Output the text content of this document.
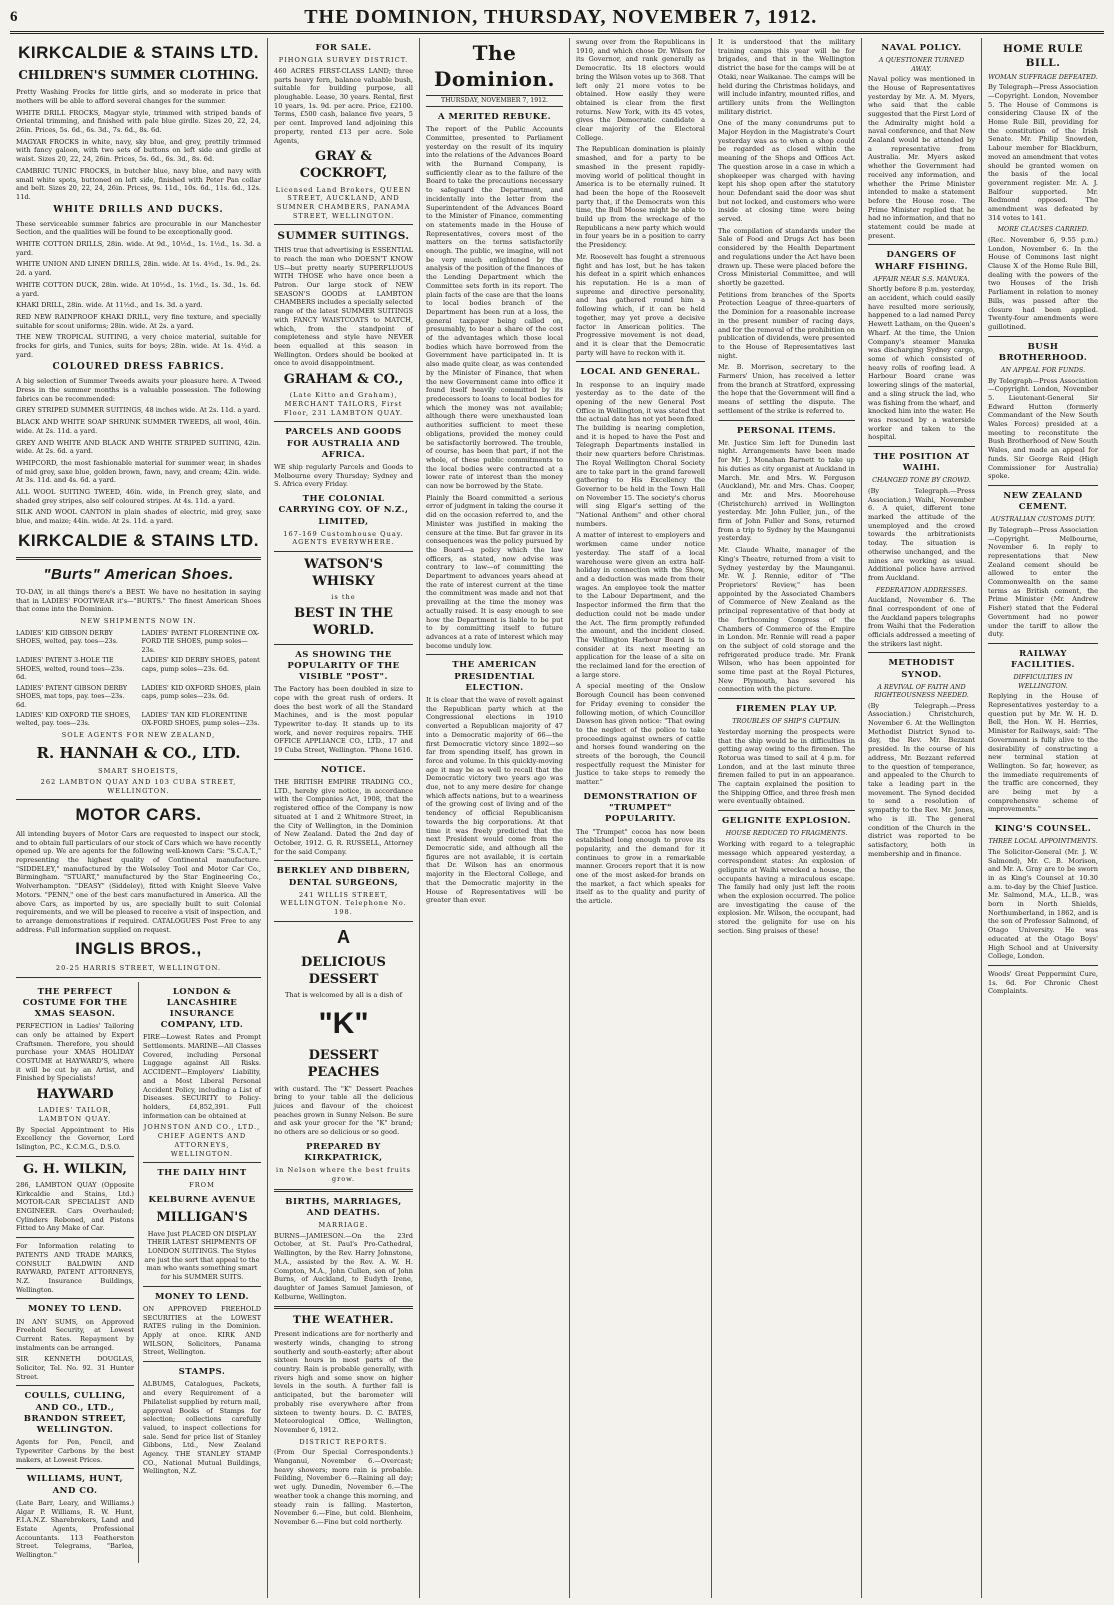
6	THE DOMINION, THURSDAY, NOVEMBER 7, 1912.
KIRKCALDIE & STAINS LTD.
CHILDREN'S SUMMER CLOTHING.

Pretty Washing Frocks for little girls, and so moderate in price that mothers will be able to afford several changes for the summer.

WHITE DRILL FROCKS, Magyar style, trimmed with striped bands of Oriental trimming, and finished with pale blue girdle. Sizes 20, 22, 24, 26in. Prices, 5s. 6d., 6s. 3d., 7s. 6d., 8s. 6d.

MAGYAR FROCKS in white, navy, sky blue, and grey, prettily trimmed with fancy galoon, with two sets of buttons on left side and girdle at waist. Sizes 20, 22, 24, 26in. Prices, 5s. 6d., 6s. 3d., 8s. 6d.

CAMBRIC TUNIC FROCKS, in butcher blue, navy blue, and navy with small white spots, buttoned on left side, finished with Peter Pan collar and belt. Sizes 20, 22, 24, 26in. Prices, 9s. 11d., 10s. 6d., 11s. 6d., 12s. 11d.

WHITE DRILLS AND DUCKS.

These serviceable summer fabrics are procurable in our Manchester Section, and the qualities will be found to be exceptionally good.

WHITE COTTON DRILLS, 28in. wide. At 9d., 10½d., 1s. 1½d., 1s. 3d. a yard.

WHITE UNION AND LINEN DRILLS, 28in. wide. At 1s. 4½d., 1s. 9d., 2s. 2d. a yard.

WHITE COTTON DUCK, 28in. wide. At 10½d., 1s. 1½d., 1s. 3d., 1s. 6d. a yard.

KHAKI DRILL, 28in. wide. At 11½d., and 1s. 3d. a yard.

RED NEW RAINPROOF KHAKI DRILL, very fine texture, and specially suitable for scout uniforms; 28in. wide. At 2s. a yard.

THE NEW TROPICAL SUITING, a very choice material, suitable for frocks for girls, and Tunics, suits for boys; 28in. wide. At 1s. 4½d. a yard.

COLOURED DRESS FABRICS.

A big selection of Summer Tweeds awaits your pleasure here. A Tweed Dress in the summer months is a valuable possession. The following fabrics can be recommended:

GREY STRIPED SUMMER SUITINGS, 48 inches wide. At 2s. 11d. a yard.

BLACK AND WHITE SOAP SHRUNK SUMMER TWEEDS, all wool, 46in. wide. At 2s. 11d. a yard.

GREY AND WHITE AND BLACK AND WHITE STRIPED SUITING, 42in. wide. At 2s. 6d. a yard.

WHIPCORD, the most fashionable material for summer wear, in shades of mid grey, saxe blue, golden brown, fawn, navy, and cream; 42in. wide. At 3s. 11d. and 4s. 6d. a yard.

ALL WOOL SUITING TWEED, 46in. wide, in French grey, slate, and shaded grey stripes, also self coloured stripes. At 4s. 11d. a yard.

SILK AND WOOL CANTON in plain shades of electric, mid grey, saxe blue, and maize; 44in. wide. At 2s. 11d. a yard.

KIRKCALDIE & STAINS LTD.
"Burts" American Shoes.

TO-DAY, in all things there's a BEST. We have no hesitation in saying that in LADIES' FOOTWEAR it's—"BURTS." The finest American Shoes that come into the Dominion.

NEW SHIPMENTS NOW IN.
LADIES' KID GIBSON DERBY SHOES, welted, pay. toes—23s.
LADIES' PATENT FLORENTINE OX-FORD TIE SHOES, pump soles—23s.
LADIES' PATENT 3-HOLE TIE SHOES, welted, round toes—23s. 6d.
LADIES' KID DERBY SHOES, patent caps, pump soles—23s. 6d.
LADIES' PATENT GIBSON DERBY SHOES, mat tops, pay. toes—23s. 6d.
LADIES' KID OXFORD SHOES, plain caps, pump soles—23s. 6d.
LADIES' KID OXFORD TIE SHOES, welted, pay. toes—23s.
LADIES' TAN KID FLORENTINE OX-FORD SHOES, pump soles—23s.
SOLE AGENTS FOR NEW ZEALAND,
R. HANNAH & CO., LTD.
SMART SHOEISTS,
262 LAMBTON QUAY AND 103 CUBA STREET, WELLINGTON.
MOTOR CARS.

All intending buyers of Motor Cars are requested to inspect our stock, and to obtain full particulars of our stock of Cars which we have recently opened up. We are agents for the following well-known Cars: "S.C.A.T.," representing the highest quality of Continental manufacture. "SIDDELEY," manufactured by the Wolseley Tool and Motor Car Co., Birmingham. "STUART," manufactured by the Star Engineering Co., Wolverhampton. "DEASY" (Siddeley), fitted with Knight Sleeve Valve Motors. "PENN," one of the best cars manufactured in America. All the above Cars, as imported by us, are specially built to suit Colonial requirements, and we will be pleased to receive a visit of inspection, and to arrange demonstrations if required. CATALOGUES Post Free to any address. Full information supplied on request.

INGLIS BROS.,
20-25 HARRIS STREET, WELLINGTON.
THE PERFECT COSTUME FOR THE XMAS SEASON.

PERFECTION in Ladies' Tailoring can only be attained by Expert Craftsmen. Therefore, you should purchase your XMAS HOLIDAY COSTUME at HAYWARD'S, where it will be cut by an Artist, and Finished by Specialists!

HAYWARD
LADIES' TAILOR, LAMBTON QUAY.

By Special Appointment to His Excellency the Governor, Lord Islington, P.C., K.C.M.G., D.S.O.

G. H. WILKIN,

286, LAMBTON QUAY (Opposite Kirkcaldie and Stains, Ltd.) MOTOR-CAR SPECIALIST AND ENGINEER. Cars Overhauled; Cylinders Reboned, and Pistons Fitted to Any Make of Car.

For Information relating to PATENTS AND TRADE MARKS, CONSULT BALDWIN AND RAYWARD, PATENT ATTORNEYS, N.Z. Insurance Buildings, Wellington.

MONEY TO LEND.

IN ANY SUMS, on Approved Freehold Security, at Lowest Current Rates. Repayment by instalments can be arranged.

SIR KENNETH DOUGLAS, Solicitor, Tel. No. 92. 31 Hunter Street.

COULLS, CULLING, AND CO., LTD., BRANDON STREET, WELLINGTON.

Agents for Pen, Pencil, and Typewriter Carbons by the best makers, at Lowest Prices.

WILLIAMS, HUNT, AND CO.

(Late Barr, Leary, and Williams.) Algar P. Williams, R. W. Hunt, F.I.A.N.Z. Sharebrokers, Land and Estate Agents, Professional Accountants. 113 Featherston Street. Telegrams, "Barlea, Wellington."

LONDON & LANCASHIRE INSURANCE COMPANY, LTD.

FIRE—Lowest Rates and Prompt Settlements. MARINE—All Classes Covered, including Personal Luggage against All Risks. ACCIDENT—Employers' Liability, and a Most Liberal Personal Accident Policy, including a List of Diseases. SECURITY to Policy-holders, £4,852,391. Full information can be obtained at

JOHNSTON AND CO., LTD., CHIEF AGENTS AND ATTORNEYS, WELLINGTON.
THE DAILY HINT
FROM
KELBURNE AVENUE
MILLIGAN'S

Have Just PLACED ON DISPLAY THEIR LATEST SHIPMENTS OF LONDON SUITINGS. The Styles are just the sort that appeal to the man who wants something smart for his SUMMER SUITS.

MONEY TO LEND.

ON APPROVED FREEHOLD SECURITIES at the LOWEST RATES ruling in the Dominion. Apply at once. KIRK AND WILSON, Solicitors, Panama Street, Wellington.

STAMPS.

ALBUMS, Catalogues, Packets, and every Requirement of a Philatelist supplied by return mail, approval Books of Stamps for selection; collections carefully valued, to inspect collections for sale. Send for price list of Stanley Gibbons, Ltd., New Zealand Agency. THE STANLEY STAMP CO., National Mutual Buildings, Wellington, N.Z.

FOR SALE.
PIHONGIA SURVEY DISTRICT.

460 ACRES FIRST-CLASS LAND; three parts heavy fern, balance valuable bush, suitable for building purpose, all ploughable. Lease, 30 years. Rental, first 10 years, 1s. 9d. per acre. Price, £2100. Terms, £500 cash, balance five years, 5 per cent. Improved land adjoining this property, rented £13 per acre. Sole Agents,

GRAY & COCKROFT,
Licensed Land Brokers, QUEEN STREET, AUCKLAND, AND SUMNER CHAMBERS, PANAMA STREET, WELLINGTON.
SUMMER SUITINGS.

THIS true that advertising is ESSENTIAL to reach the man who DOESN'T KNOW US—but pretty nearly SUPERFLUOUS WITH THOSE who have once been a Patron. Our large stock of NEW SEASON'S GOODS at LAMBTON CHAMBERS includes a specially selected range of the latest SUMMER SUITINGS with FANCY WAISTCOATS to MATCH, which, from the standpoint of completeness and style have NEVER been equalled at this season in Wellington. Orders should be booked at once to avoid disappointment.

GRAHAM & CO.,
(Late Kitto and Graham), MERCHANT TAILORS, First Floor, 231 LAMBTON QUAY.
PARCELS AND GOODS FOR AUSTRALIA AND AFRICA.

WE ship regularly Parcels and Goods to Melbourne every Thursday; Sydney and S. Africa every Friday.

THE COLONIAL CARRYING COY. OF N.Z., LIMITED,
167-169 Customhouse Quay. AGENTS EVERYWHERE.
WATSON'S WHISKY
is the
BEST IN THE WORLD.
AS SHOWING THE POPULARITY OF THE VISIBLE "POST".

The Factory has been doubled in size to cope with the great rush of orders. It does the best work of all the Standard Machines, and is the most popular Typewriter to-day. It stands up to its work, and never requires repairs. THE OFFICE APPLIANCE CO., LTD., 17 and 19 Cuba Street, Wellington. 'Phone 1616.

NOTICE.

THE BRITISH EMPIRE TRADING CO., LTD., hereby give notice, in accordance with the Companies Act, 1908, that the registered office of the Company is now situated at 1 and 2 Whitmore Street, in the City of Wellington, in the Dominion of New Zealand. Dated the 2nd day of October, 1912. G. R. RUSSELL, Attorney for the said Company.

BERKLEY AND DIBBERN, DENTAL SURGEONS,
241 WILLIS STREET, WELLINGTON. Telephone No. 198.
A
DELICIOUS DESSERT

That is welcomed by all is a dish of

"K"
DESSERT PEACHES

with custard. The "K" Dessert Peaches bring to your table all the delicious juices and flavour of the choicest peaches grown in Sunny Nelson. Be sure and ask your grocer for the "K" brand; no others are so delicious or so good.

PREPARED BY KIRKPATRICK,
in Nelson where the best fruits grow.
BIRTHS, MARRIAGES, AND DEATHS.
MARRIAGE.

BURNS—JAMIESON.—On the 23rd October, at St. Paul's Pro-Cathedral, Wellington, by the Rev. Harry Johnstone, M.A., assisted by the Rev. A. W. H. Compton, M.A., John Cullen, son of John Burns, of Auckland, to Eudyth Irene, daughter of James Samuel Jamieson, of Kelburne, Wellington.

THE WEATHER.

Present indications are for northerly and westerly winds, changing to strong southerly and south-easterly; after about sixteen hours in most parts of the country. Rain is probable generally, with rivers high and some snow on higher levels in the south. A further fall is anticipated, but the barometer will probably rise everywhere after from sixteen to twenty hours. D. C. BATES, Meteorological Office, Wellington, November 6, 1912.

DISTRICT REPORTS.

(From Our Special Correspondents.) Wanganui, November 6.—Overcast; heavy showers; more rain is probable. Feilding, November 6.—Raining all day; wet ugly. Dunedin, November 6.—The weather took a change this morning, and steady rain is falling. Masterton, November 6.—Fine, but cold. Blenheim, November 6.—Fine but cold northerly.

The Dominion.
THURSDAY, NOVEMBER 7, 1912.
A MERITED REBUKE.

The report of the Public Accounts Committee, presented to Parliament yesterday on the result of its inquiry into the relations of the Advances Board with the Burnand Company, is sufficiently clear as to the failure of the Board to take the precautions necessary to safeguard the Department, and incidentally into the letter from the Superintendent of the Advances Board to the Minister of Finance, commenting on statements made in the House of Representatives, covers most of the matters on the terms satisfactorily enough. The public, we imagine, will not be very much enlightened by the analysis of the position of the finances of the Lending Department which the Committee sets forth in its report. The plain facts of the case are that the loans to local bodies branch of the Department has been run at a loss, the general taxpayer being called on, presumably, to bear a share of the cost of the advantages which those local bodies which have borrowed from the Government have participated in. It is also made quite clear, as was contended by the Minister of Finance, that when the new Government came into office it found itself heavily committed by its predecessors to loans to local bodies for which the money was not available; although there were unexhausted loan authorities sufficient to meet these obligations, provided the money could be satisfactorily borrowed. The trouble, of course, has been that part, if not the whole, of these public commitments to the local bodies were contracted at a lower rate of interest than the money can now be borrowed by the State.

Plainly the Board committed a serious error of judgment in taking the course it did on the occasion referred to, and the Minister was justified in making the censure at the time. But far graver in its consequences was the policy pursued by the Board—a policy which the law officers, as stated, now advise was contrary to law—of committing the Department to advances years ahead at the rate of interest current at the time the commitment was made and not that prevailing at the time the money was actually raised. It is easy enough to see how the Department is liable to be put to by committing itself to future advances at a rate of interest which may become unduly low.

THE AMERICAN PRESIDENTIAL ELECTION.

It is clear that the wave of revolt against the Republican party which at the Congressional elections in 1910 converted a Republican majority of 47 into a Democratic majority of 66—the first Democratic victory since 1892—so far from spending itself, has grown in force and volume. In this quickly-moving age it may be as well to recall that the Democratic victory two years ago was due, not to any mere desire for change which affects nations, but to a weariness of the growing cost of living and of the tendency of official Republicanism towards the big corporations. At that time it was freely predicted that the next President would come from the Democratic side, and although all the figures are not available, it is certain that Dr. Wilson has an enormous majority in the Electoral College, and that the Democratic majority in the House of Representatives will be greater than ever.

swung over from the Republicans in 1910, and which chose Dr. Wilson for its Governor, and rank generally as Democratic. Its 18 electors would bring the Wilson votes up to 368. That left only 21 more votes to be obtained. How easily they were obtained is clear from the first returns. New York, with its 45 votes, gives the Democratic candidate a clear majority of the Electoral College.

The Republican domination is plainly smashed, and for a party to be smashed in the present rapidly-moving world of political thought in America is to be eternally ruined. It had been the hope of the Roosevelt party that, if the Democrats won this time, the Bull Moose might be able to build up from the wreckage of the Republicans a new party which would in four years be in a position to carry the Presidency.

Mr. Roosevelt has fought a strenuous fight and has lost, but he has taken his defeat in a spirit which enhances his reputation. He is a man of supreme and directive personality, and has gathered round him a following which, if it can be held together, may yet prove a decisive factor in American politics. The Progressive movement is not dead, and it is clear that the Democratic party will have to reckon with it.

LOCAL AND GENERAL.

In response to an inquiry made yesterday as to the date of the opening of the new General Post Office in Wellington, it was stated that the actual date has not yet been fixed. The building is nearing completion, and it is hoped to have the Post and Telegraph Departments installed in their new quarters before Christmas. The Royal Wellington Choral Society are to take part in the grand farewell gathering to His Excellency the Governor to be held in the Town Hall on November 15. The society's chorus will sing Elgar's setting of the "National Anthem" and other choral numbers.

A matter of interest to employers and workmen came under notice yesterday. The staff of a local warehouse were given an extra half-holiday in connection with the Show, and a deduction was made from their wages. An employee took the matter to the Labour Department, and the Inspector informed the firm that the deduction could not be made under the Act. The firm promptly refunded the amount, and the incident closed. The Wellington Harbour Board is to consider at its next meeting an application for the lease of a site on the reclaimed land for the erection of a large store.

A special meeting of the Onslow Borough Council has been convened for Friday evening to consider the following motion, of which Councillor Dawson has given notice: "That owing to the neglect of the police to take proceedings against owners of cattle and horses found wandering on the streets of the borough, the Council respectfully request the Minister for Justice to take steps to remedy the matter."

DEMONSTRATION OF "TRUMPET" POPULARITY.

The "Trumpet" cocoa has now been established long enough to prove its popularity, and the demand for it continues to grow in a remarkable manner. Grocers report that it is now one of the most asked-for brands on the market, a fact which speaks for itself as to the quality and purity of the article.

It is understood that the military training camps this year will be for brigades, and that in the Wellington district the base for the camps will be at Otaki, near Waikanae. The camps will be held during the Christmas holidays, and will include infantry, mounted rifles, and artillery units from the Wellington military district.

One of the many conundrums put to Major Heydon in the Magistrate's Court yesterday was as to when a shop could be regarded as closed within the meaning of the Shops and Offices Act. The question arose in a case in which a shopkeeper was charged with having kept his shop open after the statutory hour. Defendant said the door was shut but not locked, and customers who were inside at closing time were being served.

The compilation of standards under the Sale of Food and Drugs Act has been considered by the Health Department and regulations under the Act have been drawn up. These were placed before the Cross Ministerial Committee, and will shortly be gazetted.

Petitions from branches of the Sports Protection League of three-quarters of the Dominion for a reasonable increase in the present number of racing days, and for the removal of the prohibition on publication of dividends, were presented to the House of Representatives last night.

Mr. B. Morrison, secretary to the Farmers' Union, has received a letter from the branch at Stratford, expressing the hope that the Government will find a means of settling the dispute. The settlement of the strike is referred to.

PERSONAL ITEMS.

Mr. Justice Sim left for Dunedin last night. Arrangements have been made for Mr. J. Monahan Barnett to take up his duties as city organist at Auckland in March. Mr. and Mrs. W. Ferguson (Auckland), Mr. and Mrs. Chas. Cooper, and Mr. and Mrs. Moorehouse (Christchurch) arrived in Wellington yesterday. Mr. John Fuller, jun., of the firm of John Fuller and Sons, returned from a trip to Sydney by the Maunganui yesterday.

Mr. Claude Whaite, manager of the King's Theatre, returned from a visit to Sydney yesterday by the Maunganui. Mr. W. J. Rennie, editor of "The Proprietors' Review," has been appointed by the Associated Chambers of Commerce of New Zealand as the principal representative of that body at the forthcoming Congress of the Chambers of Commerce of the Empire in London. Mr. Rennie will read a paper on the subject of cold storage and the refrigerated produce trade. Mr. Frank Wilson, who has been appointed for some time past at the Royal Pictures, New Plymouth, has severed his connection with the picture.

FIREMEN PLAY UP.
TROUBLES OF SHIP'S CAPTAIN.

Yesterday morning the prospects were that the ship would be in difficulties in getting away owing to the firemen. The Rotorua was timed to sail at 4 p.m. for London, and at the last minute three firemen failed to put in an appearance. The captain explained the position to the Shipping Office, and three fresh men were eventually obtained.

GELIGNITE EXPLOSION.
HOUSE REDUCED TO FRAGMENTS.

Working with regard to a telegraphic message which appeared yesterday, a correspondent states: An explosion of gelignite at Waihi wrecked a house, the occupants having a miraculous escape. The family had only just left the room when the explosion occurred. The police are investigating the cause of the explosion. Mr. Wilson, the occupant, had stored the gelignite for use on his section. Sing praises of these!

NAVAL POLICY.
A QUESTIONER TURNED AWAY.

Naval policy was mentioned in the House of Representatives yesterday by Mr. A. M. Myers, who said that the cable suggested that the First Lord of the Admiralty might hold a naval conference, and that New Zealand would be attended by a representative from Australia. Mr. Myers asked whether the Government had received any information, and whether the Prime Minister intended to make a statement before the House rose. The Prime Minister replied that he had no information, and that no statement could be made at present.

DANGERS OF WHARF FISHING.
AFFAIR NEAR S.S. MANUKA.

Shortly before 8 p.m. yesterday, an accident, which could easily have resulted more seriously, happened to a lad named Percy Hewett Latham, on the Queen's Wharf. At the time, the Union Company's steamer Manuka was discharging Sydney cargo, some of which consisted of heavy rolls of roofing lead. A Harbour Board crane was lowering slings of the material, and a sling struck the lad, who was fishing from the wharf, and knocked him into the water. He was rescued by a waterside worker and taken to the hospital.

THE POSITION AT WAIHI.
CHANGED TONE BY CROWD.

(By Telegraph.—Press Association.) Waihi, November 6. A quiet, different tone marked the attitude of the unemployed and the crowd towards the arbitrationists today. The situation is otherwise unchanged, and the mines are working as usual. Additional police have arrived from Auckland.

FEDERATION ADDRESSES.

Auckland, November 6. The final correspondent of one of the Auckland papers telegraphs from Waihi that the Federation officials addressed a meeting of the strikers last night.

METHODIST SYNOD.
A REVIVAL OF FAITH AND RIGHTEOUSNESS NEEDED.

(By Telegraph.—Press Association.) Christchurch, November 6. At the Wellington Methodist District Synod to-day, the Rev. Mr. Bezzant presided. In the course of his address, Mr. Bezzant referred to the question of temperance, and appealed to the Church to take a leading part in the movement. The Synod decided to send a resolution of sympathy to the Rev. Mr. Jones, who is ill. The general condition of the Church in the district was reported to be satisfactory, both in membership and in finance.

HOME RULE BILL.
WOMAN SUFFRAGE DEFEATED.

By Telegraph—Press Association—Copyright. London, November 5. The House of Commons is considering Clause IX of the Home Rule Bill, providing for the constitution of the Irish Senate. Mr. Philip Snowden, Labour member for Blackburn, moved an amendment that votes should be granted women on the basis of the local government register. Mr. A. J. Balfour supported. Mr. Redmond opposed. The amendment was defeated by 314 votes to 141.

MORE CLAUSES CARRIED.

(Rec. November 6, 9.55 p.m.) London, November 6. In the House of Commons last night Clause X of the Home Rule Bill, dealing with the powers of the two Houses of the Irish Parliament in relation to money Bills, was passed after the closure had been applied. Twenty-four amendments were guillotined.

BUSH BROTHERHOOD.
AN APPEAL FOR FUNDS.

By Telegraph—Press Association—Copyright. London, November 5. Lieutenant-General Sir Edward Hutton (formerly Commandant of the New South Wales Forces) presided at a meeting to reconstitute the Bush Brotherhood of New South Wales, and made an appeal for funds. Sir George Reid (High Commissioner for Australia) spoke.

NEW ZEALAND CEMENT.
AUSTRALIAN CUSTOMS DUTY.

By Telegraph—Press Association—Copyright. Melbourne, November 6. In reply to representations that New Zealand cement should be allowed to enter the Commonwealth on the same terms as British cement, the Prime Minister (Mr. Andrew Fisher) stated that the Federal Government had no power under the tariff to allow the duty.

RAILWAY FACILITIES.
DIFFICULTIES IN WELLINGTON.

Replying in the House of Representatives yesterday to a question put by Mr. W. H. D. Bell, the Hon. W. H. Herries, Minister for Railways, said: "The Government is fully alive to the desirability of constructing a new terminal station at Wellington. So far, however, as the immediate requirements of the traffic are concerned, they are being met by a comprehensive scheme of improvements."

KING'S COUNSEL.
THREE LOCAL APPOINTMENTS.

The Solicitor-General (Mr. J. W. Salmond), Mr. C. B. Morison, and Mr. A. Gray are to be sworn in as King's Counsel at 10.30 a.m. to-day by the Chief Justice. Mr. Salmond, M.A., LL.B., was born in North Shields, Northumberland, in 1862, and is the son of Professor Salmond, of Otago University. He was educated at the Otago Boys' High School and at University College, London.

Woods' Great Peppermint Cure, 1s. 6d. For Chronic Chest Complaints.
